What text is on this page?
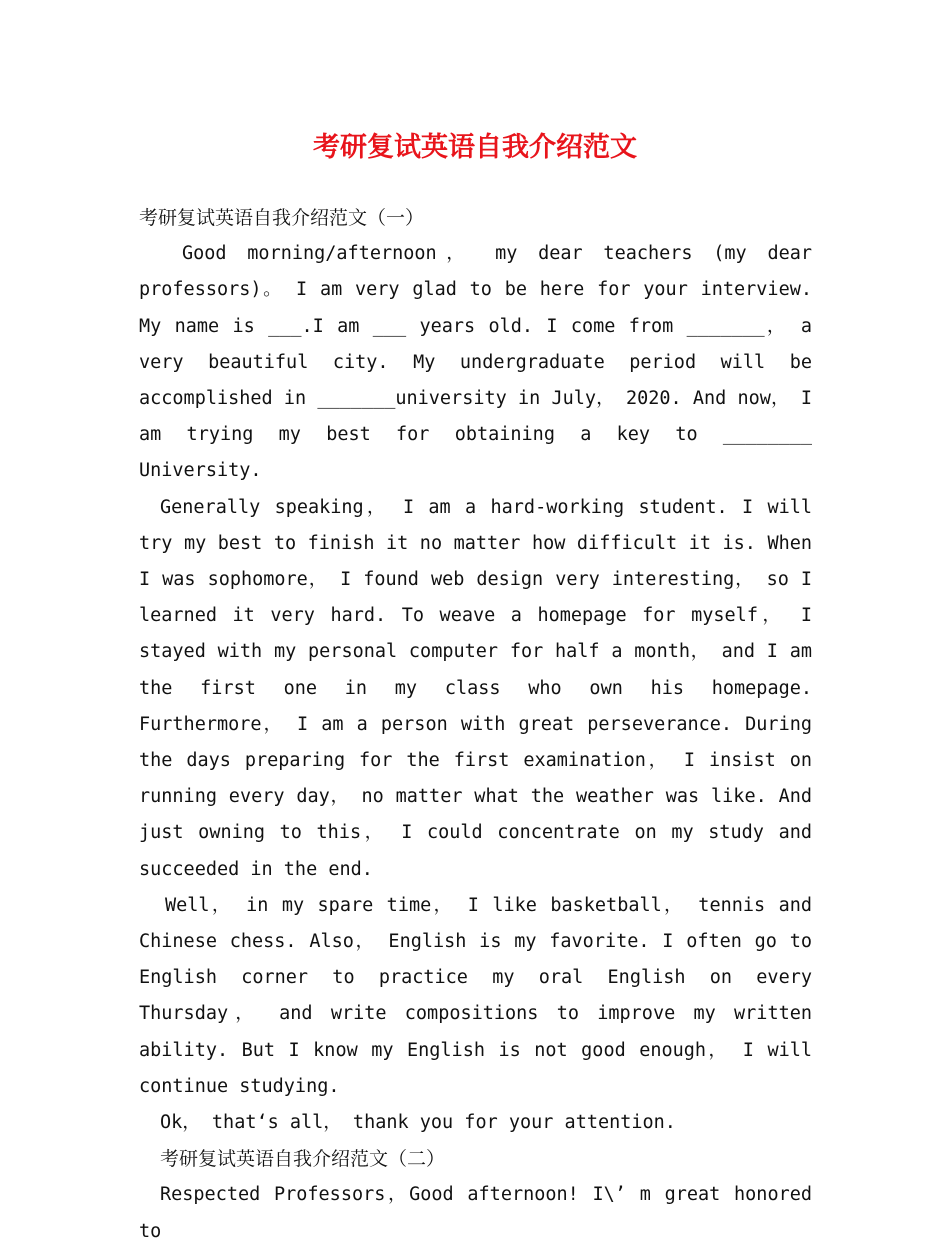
考研复试英语自我介绍范文

考研复试英语自我介绍范文（一）

Good morning/afternoon， my dear teachers (my dear professors)。 I am very glad to be here for your interview. My name is ___.I am ___ years old. I come from _______， a very beautiful city. My undergraduate period will be accomplished in _______university in July， 2020. And now， I am trying my best for obtaining a key to ________ University.

Generally speaking， I am a hard-working student. I will try my best to finish it no matter how difficult it is. When I was sophomore， I found web design very interesting， so I learned it very hard. To weave a homepage for myself， I stayed with my personal computer for half a month， and I am the first one in my class who own his homepage. Furthermore， I am a person with great perseverance. During the days preparing for the first examination， I insist on running every day， no matter what the weather was like. And just owning to this， I could concentrate on my study and succeeded in the end.

Well， in my spare time， I like basketball， tennis and Chinese chess. Also， English is my favorite. I often go to English corner to practice my oral English on every Thursday， and write compositions to improve my written ability. But I know my English is not good enough， I will continue studying.

Ok， that‘s all， thank you for your attention.

考研复试英语自我介绍范文（二）

Respected Professors，Good afternoon! I\’ m great honored to
